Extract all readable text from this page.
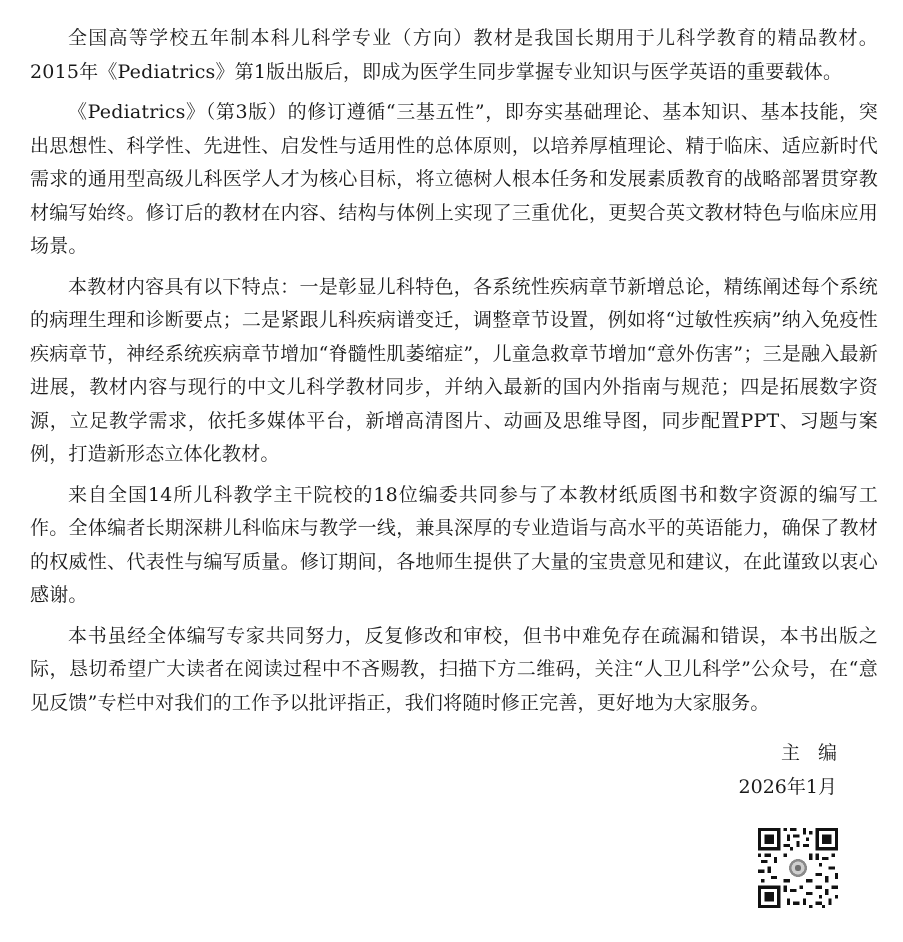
全国高等学校五年制本科儿科学专业（方向）教材是我国长期用于儿科学教育的精品教材。2015年《Pediatrics》第1版出版后，即成为医学生同步掌握专业知识与医学英语的重要载体。

《Pediatrics》（第3版）的修订遵循“三基五性”，即夯实基础理论、基本知识、基本技能，突出思想性、科学性、先进性、启发性与适用性的总体原则，以培养厚植理论、精于临床、适应新时代需求的通用型高级儿科医学人才为核心目标，将立德树人根本任务和发展素质教育的战略部署贯穿教材编写始终。修订后的教材在内容、结构与体例上实现了三重优化，更契合英文教材特色与临床应用场景。

本教材内容具有以下特点：一是彰显儿科特色，各系统性疾病章节新增总论，精练阐述每个系统的病理生理和诊断要点；二是紧跟儿科疾病谱变迁，调整章节设置，例如将“过敏性疾病”纳入免疫性疾病章节，神经系统疾病章节增加“脊髓性肌萎缩症”，儿童急救章节增加“意外伤害”；三是融入最新进展，教材内容与现行的中文儿科学教材同步，并纳入最新的国内外指南与规范；四是拓展数字资源，立足教学需求，依托多媒体平台，新增高清图片、动画及思维导图，同步配置PPT、习题与案例，打造新形态立体化教材。

来自全国14所儿科教学主干院校的18位编委共同参与了本教材纸质图书和数字资源的编写工作。全体编者长期深耕儿科临床与教学一线，兼具深厚的专业造诣与高水平的英语能力，确保了教材的权威性、代表性与编写质量。修订期间，各地师生提供了大量的宝贵意见和建议，在此谨致以衷心感谢。

本书虽经全体编写专家共同努力，反复修改和审校，但书中难免存在疏漏和错误，本书出版之际，恳切希望广大读者在阅读过程中不吝赐教，扫描下方二维码，关注“人卫儿科学”公众号，在“意见反馈”专栏中对我们的工作予以批评指正，我们将随时修正完善，更好地为大家服务。

主编
2026年1月
